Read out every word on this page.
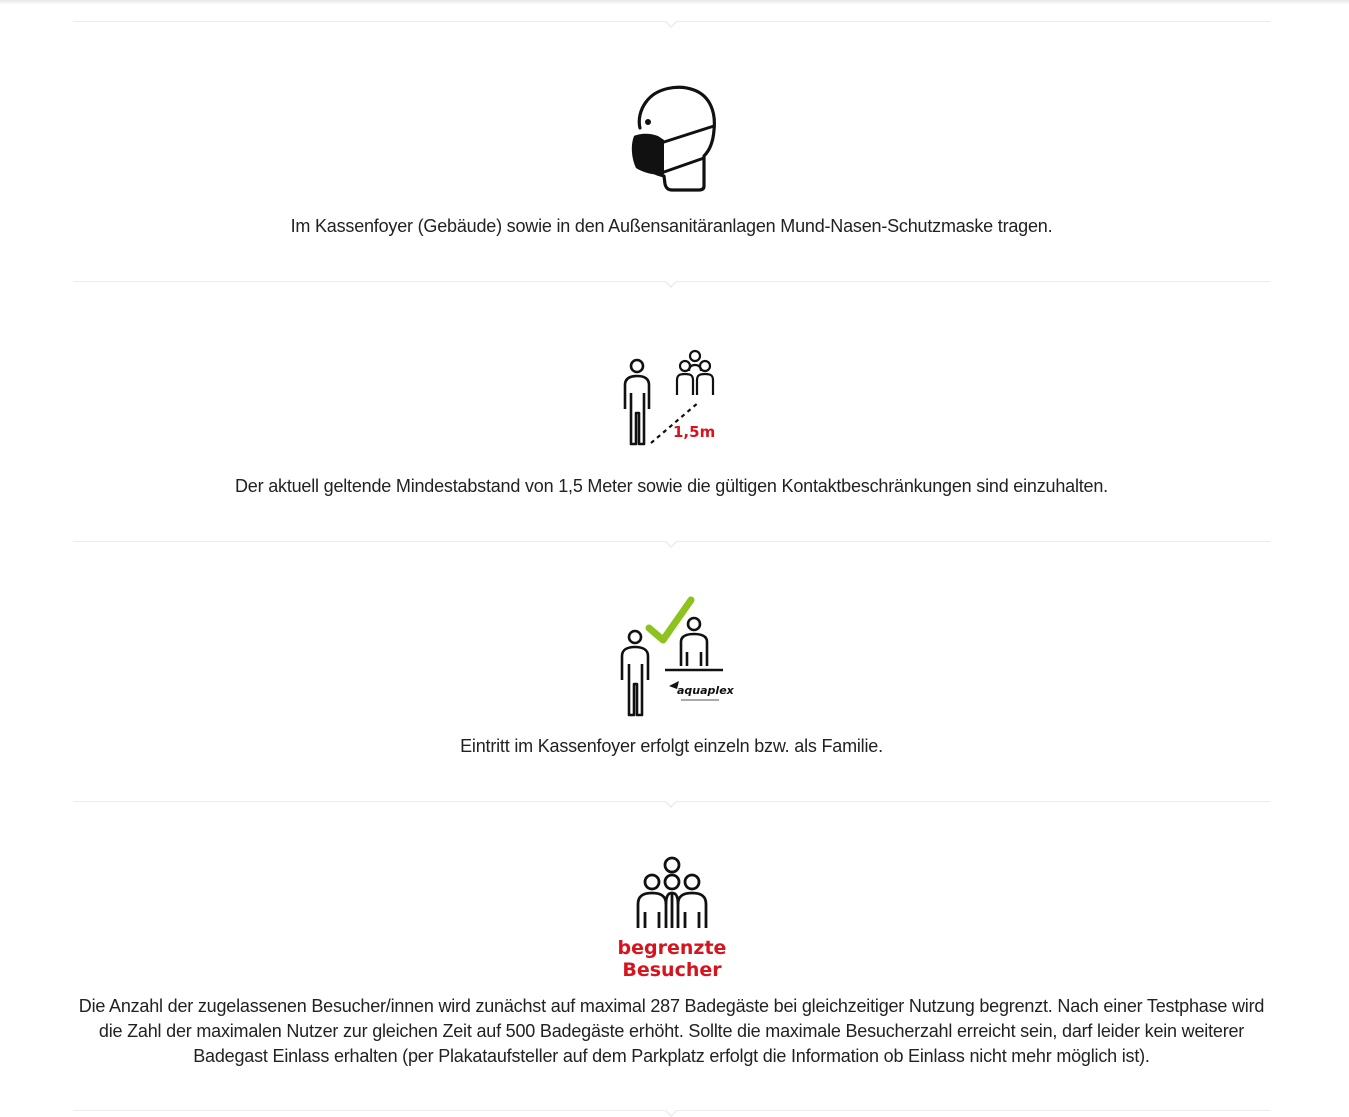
Im Kassenfoyer (Gebäude) sowie in den Außensanitäranlagen Mund-Nasen-Schutzmaske tragen.
1,5m
Der aktuell geltende Mindestabstand von 1,5 Meter sowie die gültigen Kontaktbeschränkungen sind einzuhalten.
aquaplex
Eintritt im Kassenfoyer erfolgt einzeln bzw. als Familie.
begrenzte
Besucher
Die Anzahl der zugelassenen Besucher/innen wird zunächst auf maximal 287 Badegäste bei gleichzeitiger Nutzung begrenzt. Nach einer Testphase wird
die Zahl der maximalen Nutzer zur gleichen Zeit auf 500 Badegäste erhöht. Sollte die maximale Besucherzahl erreicht sein, darf leider kein weiterer
Badegast Einlass erhalten (per Plakataufsteller auf dem Parkplatz erfolgt die Information ob Einlass nicht mehr möglich ist).
